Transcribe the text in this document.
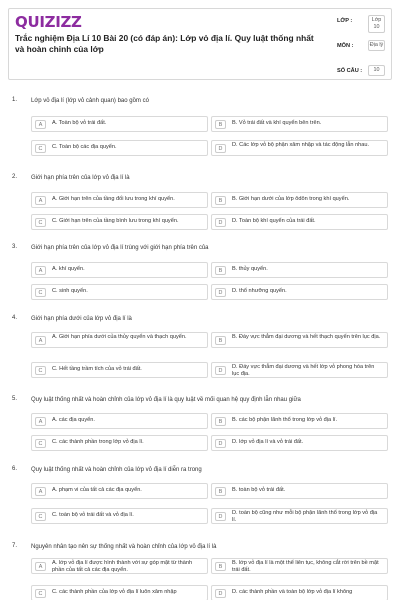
QUIZIZZ
Trắc nghiệm Địa Lí 10 Bài 20 (có đáp án): Lớp vỏ địa lí. Quy luật thống nhất và hoàn chỉnh của lớp
LỚP :	Lớp 10
MÔN :	Địa lý
SỐ CÂU :	10
1. Lớp vỏ địa lí (lớp vỏ cảnh quan) bao gồm có
A	A. Toàn bộ vỏ trái đất.	B	B. Vỏ trái đất và khí quyển bên trên.
C	C. Toàn bộ các địa quyển.	D
D. Các lớp vỏ bộ phận xâm nhập và tác động lẫn nhau.
2. Giới hạn phía trên của lớp vỏ địa lí là
A	A. Giới hạn trên của tầng đối lưu trong khí quyển.	B	B. Giới hạn dưới của lớp ôdôn trong khí quyển.
C	C. Giới hạn trên của tầng bình lưu trong khí quyển.	D	D. Toàn bộ khí quyển của trái đất.
3. Giới hạn phía trên của lớp vỏ địa lí trùng với giới hạn phía trên của
A	A. khí quyển.	B	B. thủy quyển.
C	C. sinh quyển.	D	D. thổ nhưỡng quyển.
4. Giới hạn phía dưới của lớp vỏ địa lí là
A
A. Giới hạn phía dưới của thủy quyển và thạch quyển.
B
B. Đáy vực thẳm đại dương và hết thạch quyển trên lục địa.
C	C. Hết tầng trầm tích của vỏ trái đất.	D
D. Đáy vực thẳm đại dương và hết lớp vỏ phong hóa trên lục địa.
5. Quy luật thống nhất và hoàn chỉnh của lớp vỏ địa lí là quy luật về mối quan hệ quy định lẫn nhau giữa
A	A. các địa quyển.	B	B. các bộ phận lãnh thổ trong lớp vỏ địa lí.
C	C. các thành phần trong lớp vỏ địa lí.	D	D. lớp vỏ địa lí và vỏ trái đất.
6. Quy luật thống nhất và hoàn chỉnh của lớp vỏ địa lí diễn ra trong
A	A. phạm vi của tất cả các địa quyển.	B	B. toàn bộ vỏ trái đất.
C	C. toàn bộ vỏ trái đất và vỏ địa lí.	D
D. toàn bộ cũng như mỗi bộ phận lãnh thổ trong lớp vỏ địa lí.
7. Nguyên nhân tạo nên sự thống nhất và hoàn chỉnh của lớp vỏ địa lí là
A
A. lớp vỏ địa lí được hình thành với sự góp mặt từ thành phần của tất cả các địa quyển.	B
B. lớp vỏ địa lí là một thể liên tục, không cắt rời trên bề mặt trái đất.
C	C. các thành phần của lớp vỏ địa lí luôn xâm nhập	D	D. các thành phần và toàn bộ lớp vỏ địa lí không
